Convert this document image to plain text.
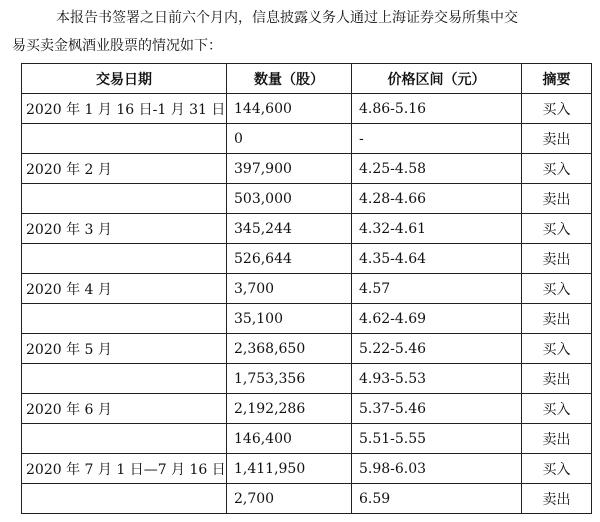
本报告书签署之日前六个月内，信息披露义务人通过上海证券交易所集中交
易买卖金枫酒业股票的情况如下：
交易日期	数量（股）	价格区间（元）	摘要
2020 年 1 月 16 日-1 月 31 日	144,600	4.86-5.16	买入
	0	-	卖出
2020 年 2 月	397,900	4.25-4.58	买入
	503,000	4.28-4.66	卖出
2020 年 3 月	345,244	4.32-4.61	买入
	526,644	4.35-4.64	卖出
2020 年 4 月	3,700	4.57	买入
	35,100	4.62-4.69	卖出
2020 年 5 月	2,368,650	5.22-5.46	买入
	1,753,356	4.93-5.53	卖出
2020 年 6 月	2,192,286	5.37-5.46	买入
	146,400	5.51-5.55	卖出
2020 年 7 月 1 日—7 月 16 日	1,411,950	5.98-6.03	买入
	2,700	6.59	卖出
